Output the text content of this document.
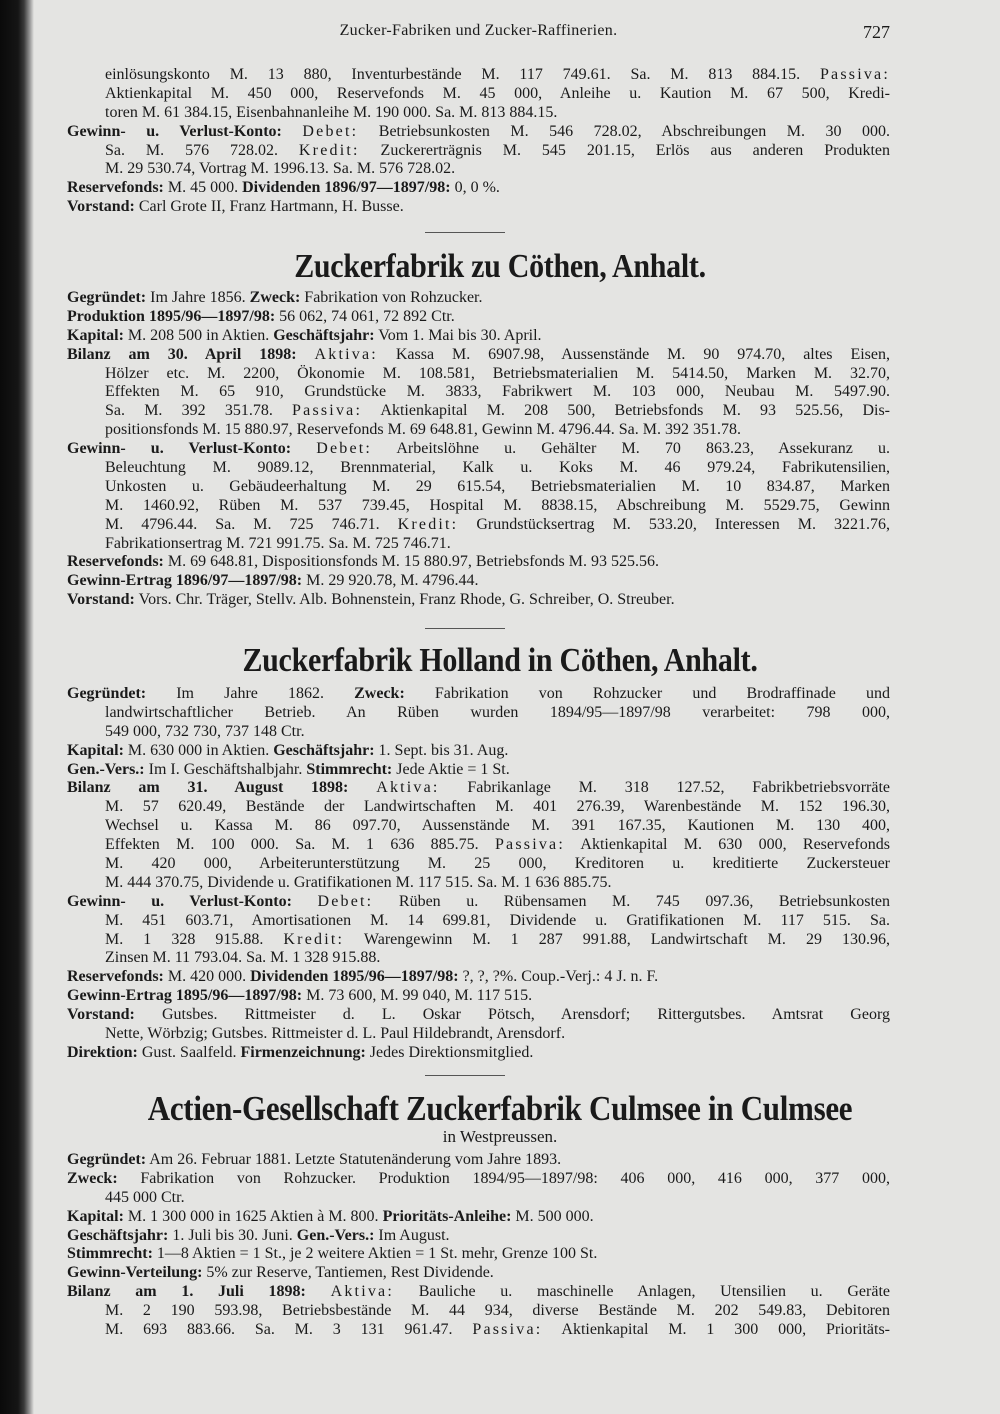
Zucker-Fabriken und Zucker-Raffinerien.	727
einlösungskonto M. 13 880, Inventurbestände M. 117 749.61. Sa. M. 813 884.15. Passiva:
Aktienkapital M. 450 000, Reservefonds M. 45 000, Anleihe u. Kaution M. 67 500, Kredi-
toren M. 61 384.15, Eisenbahnanleihe M. 190 000. Sa. M. 813 884.15.
Gewinn- u. Verlust-Konto: Debet: Betriebsunkosten M. 546 728.02, Abschreibungen M. 30 000.
Sa. M. 576 728.02. Kredit: Zuckererträgnis M. 545 201.15, Erlös aus anderen Produkten
M. 29 530.74, Vortrag M. 1996.13. Sa. M. 576 728.02.
Reservefonds: M. 45 000. Dividenden 1896/97—1897/98: 0, 0 %.
Vorstand: Carl Grote II, Franz Hartmann, H. Busse.
Zuckerfabrik zu Cöthen, Anhalt.
Gegründet: Im Jahre 1856. Zweck: Fabrikation von Rohzucker.
Produktion 1895/96—1897/98: 56 062, 74 061, 72 892 Ctr.
Kapital: M. 208 500 in Aktien. Geschäftsjahr: Vom 1. Mai bis 30. April.
Bilanz am 30. April 1898: Aktiva: Kassa M. 6907.98, Aussenstände M. 90 974.70, altes Eisen,
Hölzer etc. M. 2200, Ökonomie M. 108.581, Betriebsmaterialien M. 5414.50, Marken M. 32.70,
Effekten M. 65 910, Grundstücke M. 3833, Fabrikwert M. 103 000, Neubau M. 5497.90.
Sa. M. 392 351.78. Passiva: Aktienkapital M. 208 500, Betriebsfonds M. 93 525.56, Dis-
positionsfonds M. 15 880.97, Reservefonds M. 69 648.81, Gewinn M. 4796.44. Sa. M. 392 351.78.
Gewinn- u. Verlust-Konto: Debet: Arbeitslöhne u. Gehälter M. 70 863.23, Assekuranz u.
Beleuchtung M. 9089.12, Brennmaterial, Kalk u. Koks M. 46 979.24, Fabrikutensilien,
Unkosten u. Gebäudeerhaltung M. 29 615.54, Betriebsmaterialien M. 10 834.87, Marken
M. 1460.92, Rüben M. 537 739.45, Hospital M. 8838.15, Abschreibung M. 5529.75, Gewinn
M. 4796.44. Sa. M. 725 746.71. Kredit: Grundstücksertrag M. 533.20, Interessen M. 3221.76,
Fabrikationsertrag M. 721 991.75. Sa. M. 725 746.71.
Reservefonds: M. 69 648.81, Dispositionsfonds M. 15 880.97, Betriebsfonds M. 93 525.56.
Gewinn-Ertrag 1896/97—1897/98: M. 29 920.78, M. 4796.44.
Vorstand: Vors. Chr. Träger, Stellv. Alb. Bohnenstein, Franz Rhode, G. Schreiber, O. Streuber.
Zuckerfabrik Holland in Cöthen, Anhalt.
Gegründet: Im Jahre 1862. Zweck: Fabrikation von Rohzucker und Brodraffinade und
landwirtschaftlicher Betrieb. An Rüben wurden 1894/95—1897/98 verarbeitet: 798 000,
549 000, 732 730, 737 148 Ctr.
Kapital: M. 630 000 in Aktien. Geschäftsjahr: 1. Sept. bis 31. Aug.
Gen.-Vers.: Im I. Geschäftshalbjahr. Stimmrecht: Jede Aktie = 1 St.
Bilanz am 31. August 1898: Aktiva: Fabrikanlage M. 318 127.52, Fabrikbetriebsvorräte
M. 57 620.49, Bestände der Landwirtschaften M. 401 276.39, Warenbestände M. 152 196.30,
Wechsel u. Kassa M. 86 097.70, Aussenstände M. 391 167.35, Kautionen M. 130 400,
Effekten M. 100 000. Sa. M. 1 636 885.75. Passiva: Aktienkapital M. 630 000, Reservefonds
M. 420 000, Arbeiterunterstützung M. 25 000, Kreditoren u. kreditierte Zuckersteuer
M. 444 370.75, Dividende u. Gratifikationen M. 117 515. Sa. M. 1 636 885.75.
Gewinn- u. Verlust-Konto: Debet: Rüben u. Rübensamen M. 745 097.36, Betriebsunkosten
M. 451 603.71, Amortisationen M. 14 699.81, Dividende u. Gratifikationen M. 117 515. Sa.
M. 1 328 915.88. Kredit: Warengewinn M. 1 287 991.88, Landwirtschaft M. 29 130.96,
Zinsen M. 11 793.04. Sa. M. 1 328 915.88.
Reservefonds: M. 420 000. Dividenden 1895/96—1897/98: ?, ?, ?%. Coup.-Verj.: 4 J. n. F.
Gewinn-Ertrag 1895/96—1897/98: M. 73 600, M. 99 040, M. 117 515.
Vorstand: Gutsbes. Rittmeister d. L. Oskar Pötsch, Arensdorf; Rittergutsbes. Amtsrat Georg
Nette, Wörbzig; Gutsbes. Rittmeister d. L. Paul Hildebrandt, Arensdorf.
Direktion: Gust. Saalfeld. Firmenzeichnung: Jedes Direktionsmitglied.
Actien-Gesellschaft Zuckerfabrik Culmsee in Culmsee
in Westpreussen.
Gegründet: Am 26. Februar 1881. Letzte Statutenänderung vom Jahre 1893.
Zweck: Fabrikation von Rohzucker. Produktion 1894/95—1897/98: 406 000, 416 000, 377 000,
445 000 Ctr.
Kapital: M. 1 300 000 in 1625 Aktien à M. 800. Prioritäts-Anleihe: M. 500 000.
Geschäftsjahr: 1. Juli bis 30. Juni. Gen.-Vers.: Im August.
Stimmrecht: 1—8 Aktien = 1 St., je 2 weitere Aktien = 1 St. mehr, Grenze 100 St.
Gewinn-Verteilung: 5% zur Reserve, Tantiemen, Rest Dividende.
Bilanz am 1. Juli 1898: Aktiva: Bauliche u. maschinelle Anlagen, Utensilien u. Geräte
M. 2 190 593.98, Betriebsbestände M. 44 934, diverse Bestände M. 202 549.83, Debitoren
M. 693 883.66. Sa. M. 3 131 961.47. Passiva: Aktienkapital M. 1 300 000, Prioritäts-
